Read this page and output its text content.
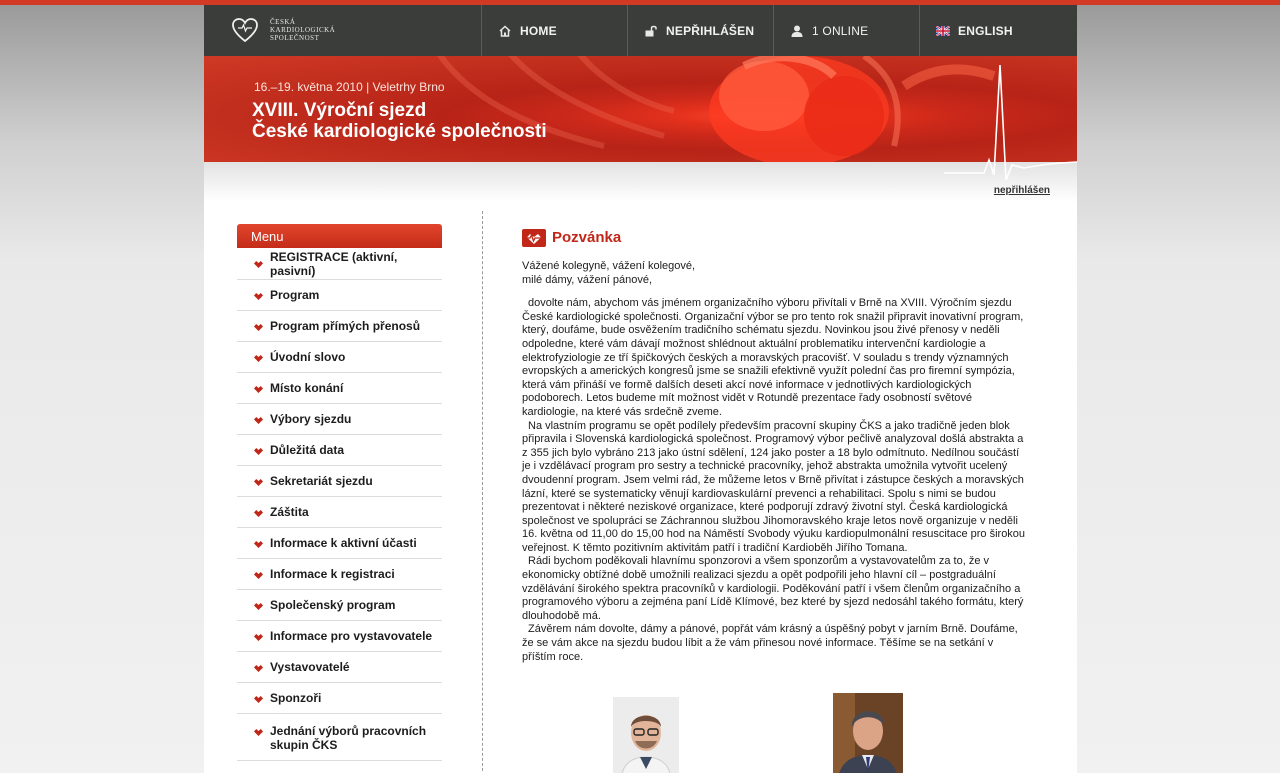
ČESKÁ
KARDIOLOGICKÁ
SPOLEČNOST
HOME	NEPŘIHLÁŠEN	1 ONLINE	ENGLISH
16.–19. května 2010 | Veletrhy Brno
XVIII. Výroční sjezd
České kardiologické společnosti
nepřihlášen
Menu
REGISTRACE (aktivní, pasivní)
Program
Program přímých přenosů
Úvodní slovo
Místo konání
Výbory sjezdu
Důležitá data
Sekretariát sjezdu
Záštita
Informace k aktivní účasti
Informace k registraci
Společenský program
Informace pro vystavovatele
Vystavovatelé
Sponzoři
Jednání výborů pracovních skupin ČKS
Pozvánka
Vážené kolegyně, vážení kolegové,
milé dámy, vážení pánové,

dovolte nám, abychom vás jménem organizačního výboru přivítali v Brně na XVIII. Výročním sjezdu České kardiologické společnosti. Organizační výbor se pro tento rok snažil připravit inovativní program, který, doufáme, bude osvěžením tradičního schématu sjezdu. Novinkou jsou živé přenosy v neděli odpoledne, které vám dávají možnost shlédnout aktuální problematiku intervenční kardiologie a elektrofyziologie ze tří špičkových českých a moravských pracovišť. V souladu s trendy významných evropských a amerických kongresů jsme se snažili efektivně využít polední čas pro firemní sympózia, která vám přináší ve formě dalších deseti akcí nové informace v jednotlivých kardiologických podoborech. Letos budeme mít možnost vidět v Rotundě prezentace řady osobností světové kardiologie, na které vás srdečně zveme.

Na vlastním programu se opět podílely především pracovní skupiny ČKS a jako tradičně jeden blok připravila i Slovenská kardiologická společnost. Programový výbor pečlivě analyzoval došlá abstrakta a z 355 jich bylo vybráno 213 jako ústní sdělení, 124 jako poster a 18 bylo odmítnuto. Nedílnou součástí je i vzdělávací program pro sestry a technické pracovníky, jehož abstrakta umožnila vytvořit ucelený dvoudenní program. Jsem velmi rád, že můžeme letos v Brně přivítat i zástupce českých a moravských lázní, které se systematicky věnují kardiovaskulární prevenci a rehabilitaci. Spolu s nimi se budou prezentovat i některé neziskové organizace, které podporují zdravý životní styl. Česká kardiologická společnost ve spolupráci se Záchrannou službou Jihomoravského kraje letos nově organizuje v neděli 16. května od 11,00 do 15,00 hod na Náměstí Svobody výuku kardiopulmonální resuscitace pro širokou veřejnost. K těmto pozitivním aktivitám patří i tradiční Kardioběh Jiřího Tomana.

Rádi bychom poděkovali hlavnímu sponzorovi a všem sponzorům a vystavovatelům za to, že v ekonomicky obtížné době umožnili realizaci sjezdu a opět podpořili jeho hlavní cíl – postgraduální vzdělávání širokého spektra pracovníků v kardiologii. Poděkování patří i všem členům organizačního a programového výboru a zejména paní Lídě Klímové, bez které by sjezd nedosáhl takého formátu, který dlouhodobě má.

Závěrem nám dovolte, dámy a pánové, popřát vám krásný a úspěšný pobyt v jarním Brně. Doufáme, že se vám akce na sjezdu budou líbit a že vám přinesou nové informace. Těšíme se na setkání v příštím roce.
